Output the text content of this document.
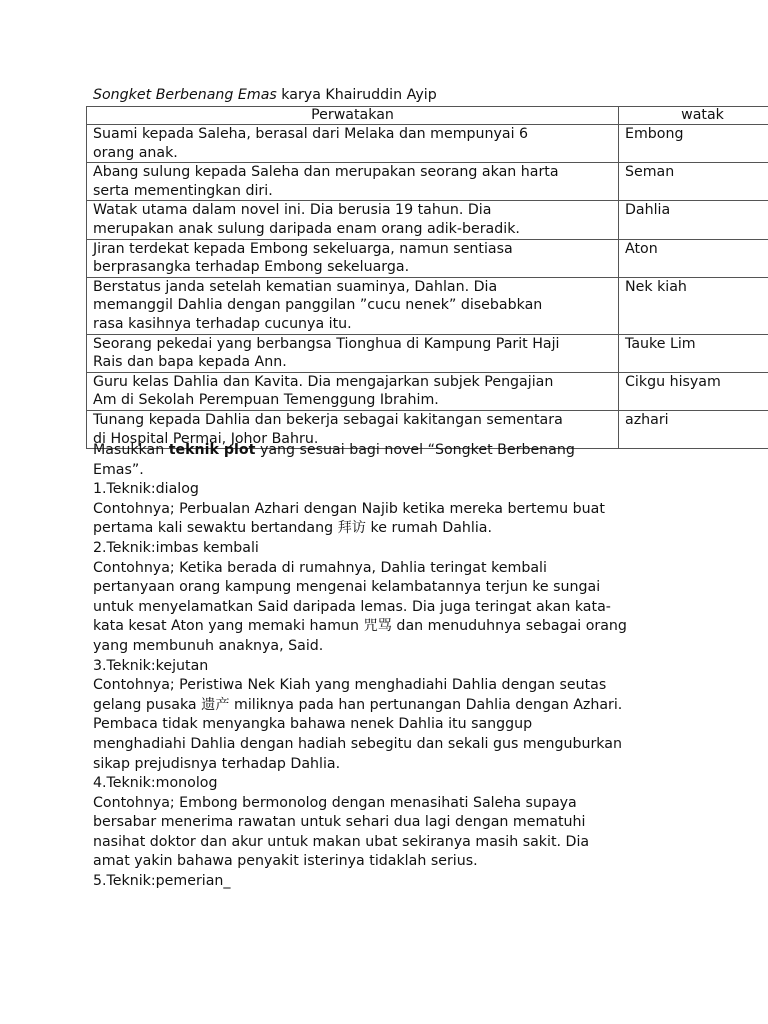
Songket Berbenang Emas karya Khairuddin Ayip
Perwatakan	watak

Suami kepada Saleha, berasal dari Melaka dan mempunyai 6
orang anak.	Embong

Abang sulung kepada Saleha dan merupakan seorang akan harta
serta mementingkan diri.	Seman

Watak utama dalam novel ini. Dia berusia 19 tahun. Dia
merupakan anak sulung daripada enam orang adik-beradik.	Dahlia

Jiran terdekat kepada Embong sekeluarga, namun sentiasa
berprasangka terhadap Embong sekeluarga.	Aton

Berstatus janda setelah kematian suaminya, Dahlan. Dia
memanggil Dahlia dengan panggilan ”cucu nenek” disebabkan
rasa kasihnya terhadap cucunya itu.	Nek kiah

Seorang pekedai yang berbangsa Tionghua di Kampung Parit Haji
Rais dan bapa kepada Ann.	Tauke Lim

Guru kelas Dahlia dan Kavita. Dia mengajarkan subjek Pengajian
Am di Sekolah Perempuan Temenggung Ibrahim.	Cikgu hisyam

Tunang kepada Dahlia dan bekerja sebagai kakitangan sementara
di Hospital Permai, Johor Bahru.	azhari
Masukkan teknik plot yang sesuai bagi novel “Songket Berbenang
Emas”.
1.Teknik:dialog
Contohnya; Perbualan Azhari dengan Najib ketika mereka bertemu buat
pertama kali sewaktu bertandang 拜访 ke rumah Dahlia.
2.Teknik:imbas kembali
Contohnya; Ketika berada di rumahnya, Dahlia teringat kembali
pertanyaan orang kampung mengenai kelambatannya terjun ke sungai
untuk menyelamatkan Said daripada lemas. Dia juga teringat akan kata-
kata kesat Aton yang memaki hamun 咒骂 dan menuduhnya sebagai orang
yang membunuh anaknya, Said.
3.Teknik:kejutan
Contohnya; Peristiwa Nek Kiah yang menghadiahi Dahlia dengan seutas
gelang pusaka 遗产 miliknya pada han pertunangan Dahlia dengan Azhari.
Pembaca tidak menyangka bahawa nenek Dahlia itu sanggup
menghadiahi Dahlia dengan hadiah sebegitu dan sekali gus menguburkan
sikap prejudisnya terhadap Dahlia.
4.Teknik:monolog
Contohnya; Embong bermonolog dengan menasihati Saleha supaya
bersabar menerima rawatan untuk sehari dua lagi dengan mematuhi
nasihat doktor dan akur untuk makan ubat sekiranya masih sakit. Dia
amat yakin bahawa penyakit isterinya tidaklah serius.
5.Teknik:pemerian_
